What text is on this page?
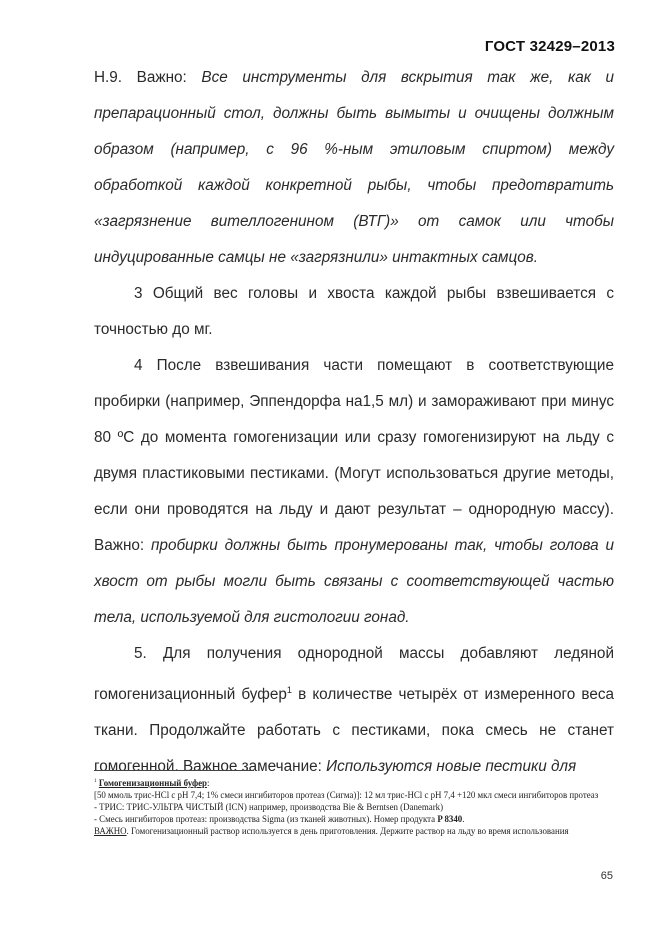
ГОСТ 32429–2013

Н.9. Важно: Все инструменты для вскрытия так же, как и препарационный стол, должны быть вымыты и очищены должным образом (например, с 96 %-ным этиловым спиртом) между обработкой каждой конкретной рыбы, чтобы предотвратить «загрязнение вителлогенином (ВТГ)» от самок или чтобы индуцированные самцы не «загрязнили» интактных самцов.

3 Общий вес головы и хвоста каждой рыбы взвешивается с точностью до мг.

4 После взвешивания части помещают в соответствующие пробирки (например, Эппендорфа на1,5 мл) и замораживают при минус 80 ºС до момента гомогенизации или сразу гомогенизируют на льду с двумя пластиковыми пестиками. (Могут использоваться другие методы, если они проводятся на льду и дают результат – однородную массу). Важно: пробирки должны быть пронумерованы так, чтобы голова и хвост от рыбы могли быть связаны с соответствующей частью тела, используемой для гистологии гонад.

5. Для получения однородной массы добавляют ледяной гомогенизационный буфер$^1$ в количестве четырёх от измеренного веса ткани. Продолжайте работать с пестиками, пока смесь не станет гомогенной. Важное замечание: Используются новые пестики для

$^1$ Гомогенизационный буфер:

[50 ммоль трис-HCl с pH 7,4; 1% смеси ингибиторов протеаз (Сигма)]: 12 мл трис-HCl с pH 7,4 +120 мкл смеси ингибиторов протеаз

- ТРИС: ТРИС-УЛЬТРА ЧИСТЫЙ (ICN) например, производства Bie & Berntsen (Danemark)

- Смесь ингибиторов протеаз: производства Sigma (из тканей животных). Номер продукта P 8340.

ВАЖНО. Гомогенизационный раствор используется в день приготовления. Держите раствор на льду во время использования

65
